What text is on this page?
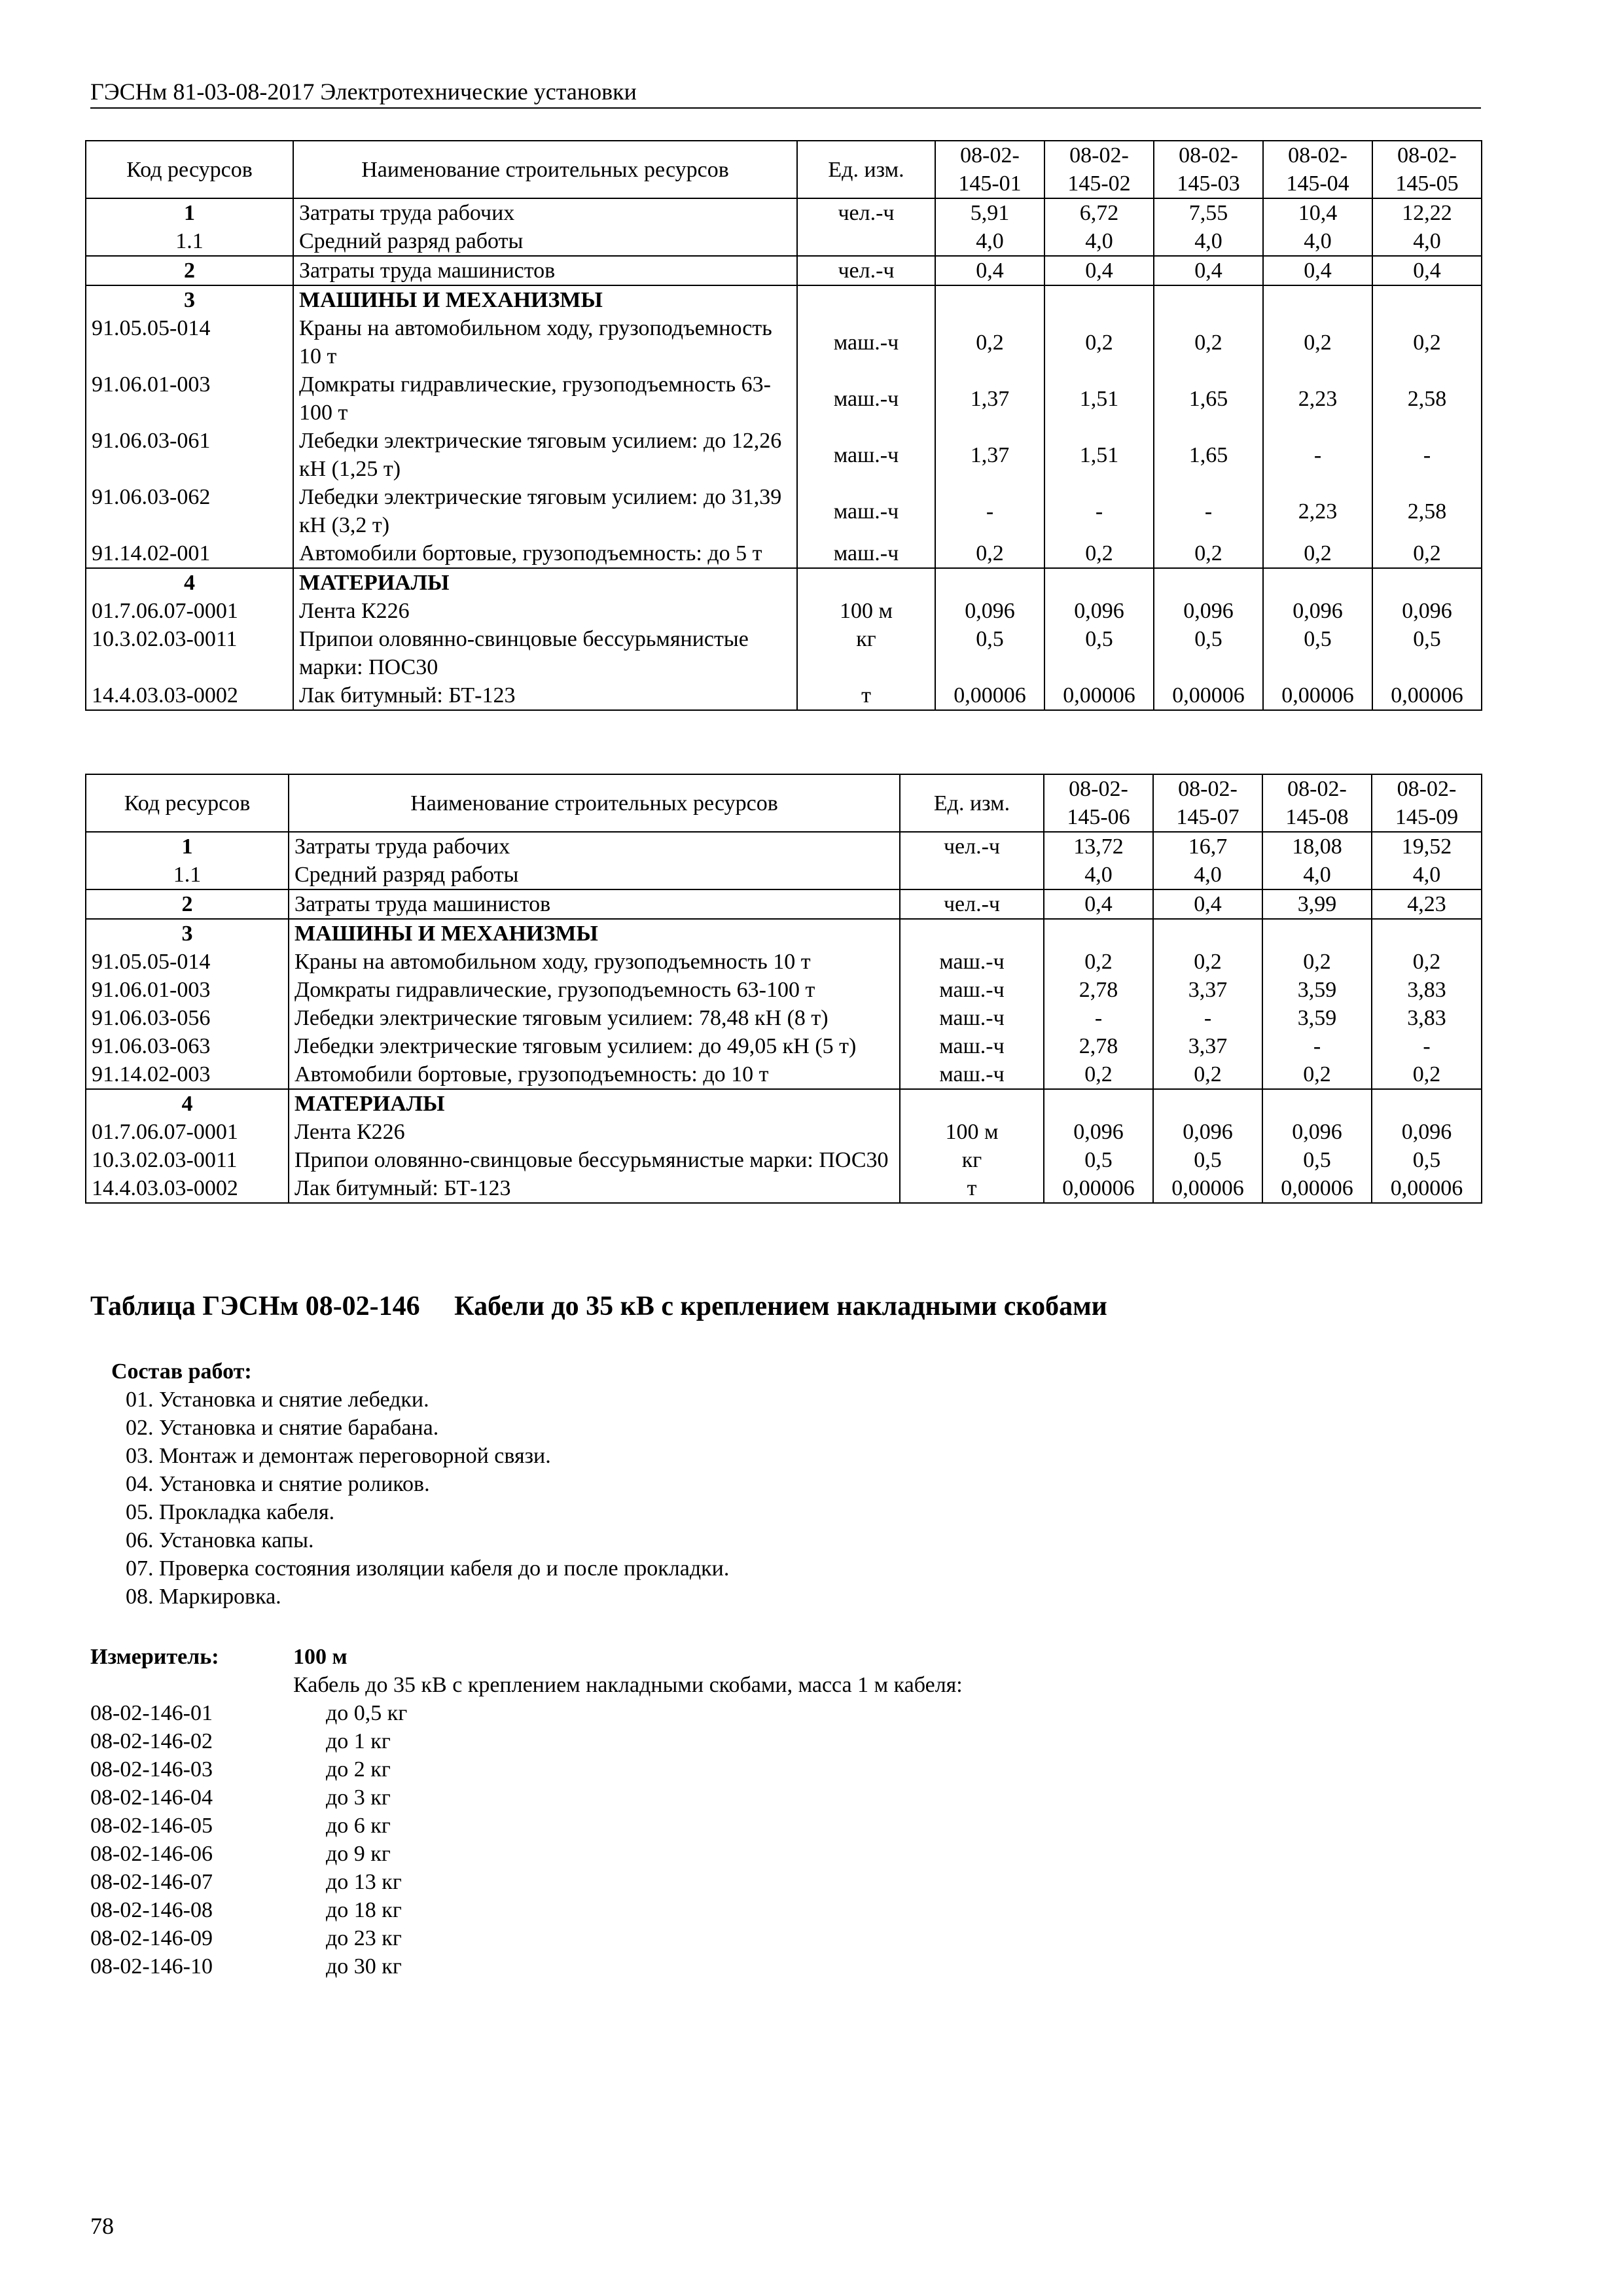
ГЭСНм 81-03-08-2017 Электротехнические установки
Код ресурсов	Наименование строительных ресурсов	Ед. изм.	08-02-145-01	08-02-145-02	08-02-145-03	08-02-145-04	08-02-145-05
1	Затраты труда рабочих	чел.-ч	5,91	6,72	7,55	10,4	12,22
1.1	Средний разряд работы		4,0	4,0	4,0	4,0	4,0
2	Затраты труда машинистов	чел.-ч	0,4	0,4	0,4	0,4	0,4
3	МАШИНЫ И МЕХАНИЗМЫ						
91.05.05-014	Краны на автомобильном ходу, грузоподъемность 10 т	маш.-ч	0,2	0,2	0,2	0,2	0,2
91.06.01-003	Домкраты гидравлические, грузоподъемность 63-100 т	маш.-ч	1,37	1,51	1,65	2,23	2,58
91.06.03-061	Лебедки электрические тяговым усилием: до 12,26 кН (1,25 т)	маш.-ч	1,37	1,51	1,65	-	-
91.06.03-062	Лебедки электрические тяговым усилием: до 31,39 кН (3,2 т)	маш.-ч	-	-	-	2,23	2,58
91.14.02-001	Автомобили бортовые, грузоподъемность: до 5 т	маш.-ч	0,2	0,2	0,2	0,2	0,2
4	МАТЕРИАЛЫ						
01.7.06.07-0001	Лента К226	100 м	0,096	0,096	0,096	0,096	0,096
10.3.02.03-0011	Припои оловянно-свинцовые бессурьмянистые марки: ПОС30	кг	0,5	0,5	0,5	0,5	0,5
14.4.03.03-0002	Лак битумный: БТ-123	т	0,00006	0,00006	0,00006	0,00006	0,00006
Код ресурсов	Наименование строительных ресурсов	Ед. изм.	08-02-145-06	08-02-145-07	08-02-145-08	08-02-145-09
1	Затраты труда рабочих	чел.-ч	13,72	16,7	18,08	19,52
1.1	Средний разряд работы		4,0	4,0	4,0	4,0
2	Затраты труда машинистов	чел.-ч	0,4	0,4	3,99	4,23
3	МАШИНЫ И МЕХАНИЗМЫ					
91.05.05-014	Краны на автомобильном ходу, грузоподъемность 10 т	маш.-ч	0,2	0,2	0,2	0,2
91.06.01-003	Домкраты гидравлические, грузоподъемность 63-100 т	маш.-ч	2,78	3,37	3,59	3,83
91.06.03-056	Лебедки электрические тяговым усилием: 78,48 кН (8 т)	маш.-ч	-	-	3,59	3,83
91.06.03-063	Лебедки электрические тяговым усилием: до 49,05 кН (5 т)	маш.-ч	2,78	3,37	-	-
91.14.02-003	Автомобили бортовые, грузоподъемность: до 10 т	маш.-ч	0,2	0,2	0,2	0,2
4	МАТЕРИАЛЫ					
01.7.06.07-0001	Лента К226	100 м	0,096	0,096	0,096	0,096
10.3.02.03-0011	Припои оловянно-свинцовые бессурьмянистые марки: ПОС30	кг	0,5	0,5	0,5	0,5
14.4.03.03-0002	Лак битумный: БТ-123	т	0,00006	0,00006	0,00006	0,00006
Таблица ГЭСНм 08-02-146 Кабели до 35 кВ с креплением накладными скобами
Состав работ:
01. Установка и снятие лебедки.
02. Установка и снятие барабана.
03. Монтаж и демонтаж переговорной связи.
04. Установка и снятие роликов.
05. Прокладка кабеля.
06. Установка капы.
07. Проверка состояния изоляции кабеля до и после прокладки.
08. Маркировка.
Измеритель:	100 м
Кабель до 35 кВ с креплением накладными скобами, масса 1 м кабеля:
08-02-146-01	до 0,5 кг
08-02-146-02	до 1 кг
08-02-146-03	до 2 кг
08-02-146-04	до 3 кг
08-02-146-05	до 6 кг
08-02-146-06	до 9 кг
08-02-146-07	до 13 кг
08-02-146-08	до 18 кг
08-02-146-09	до 23 кг
08-02-146-10	до 30 кг
78
